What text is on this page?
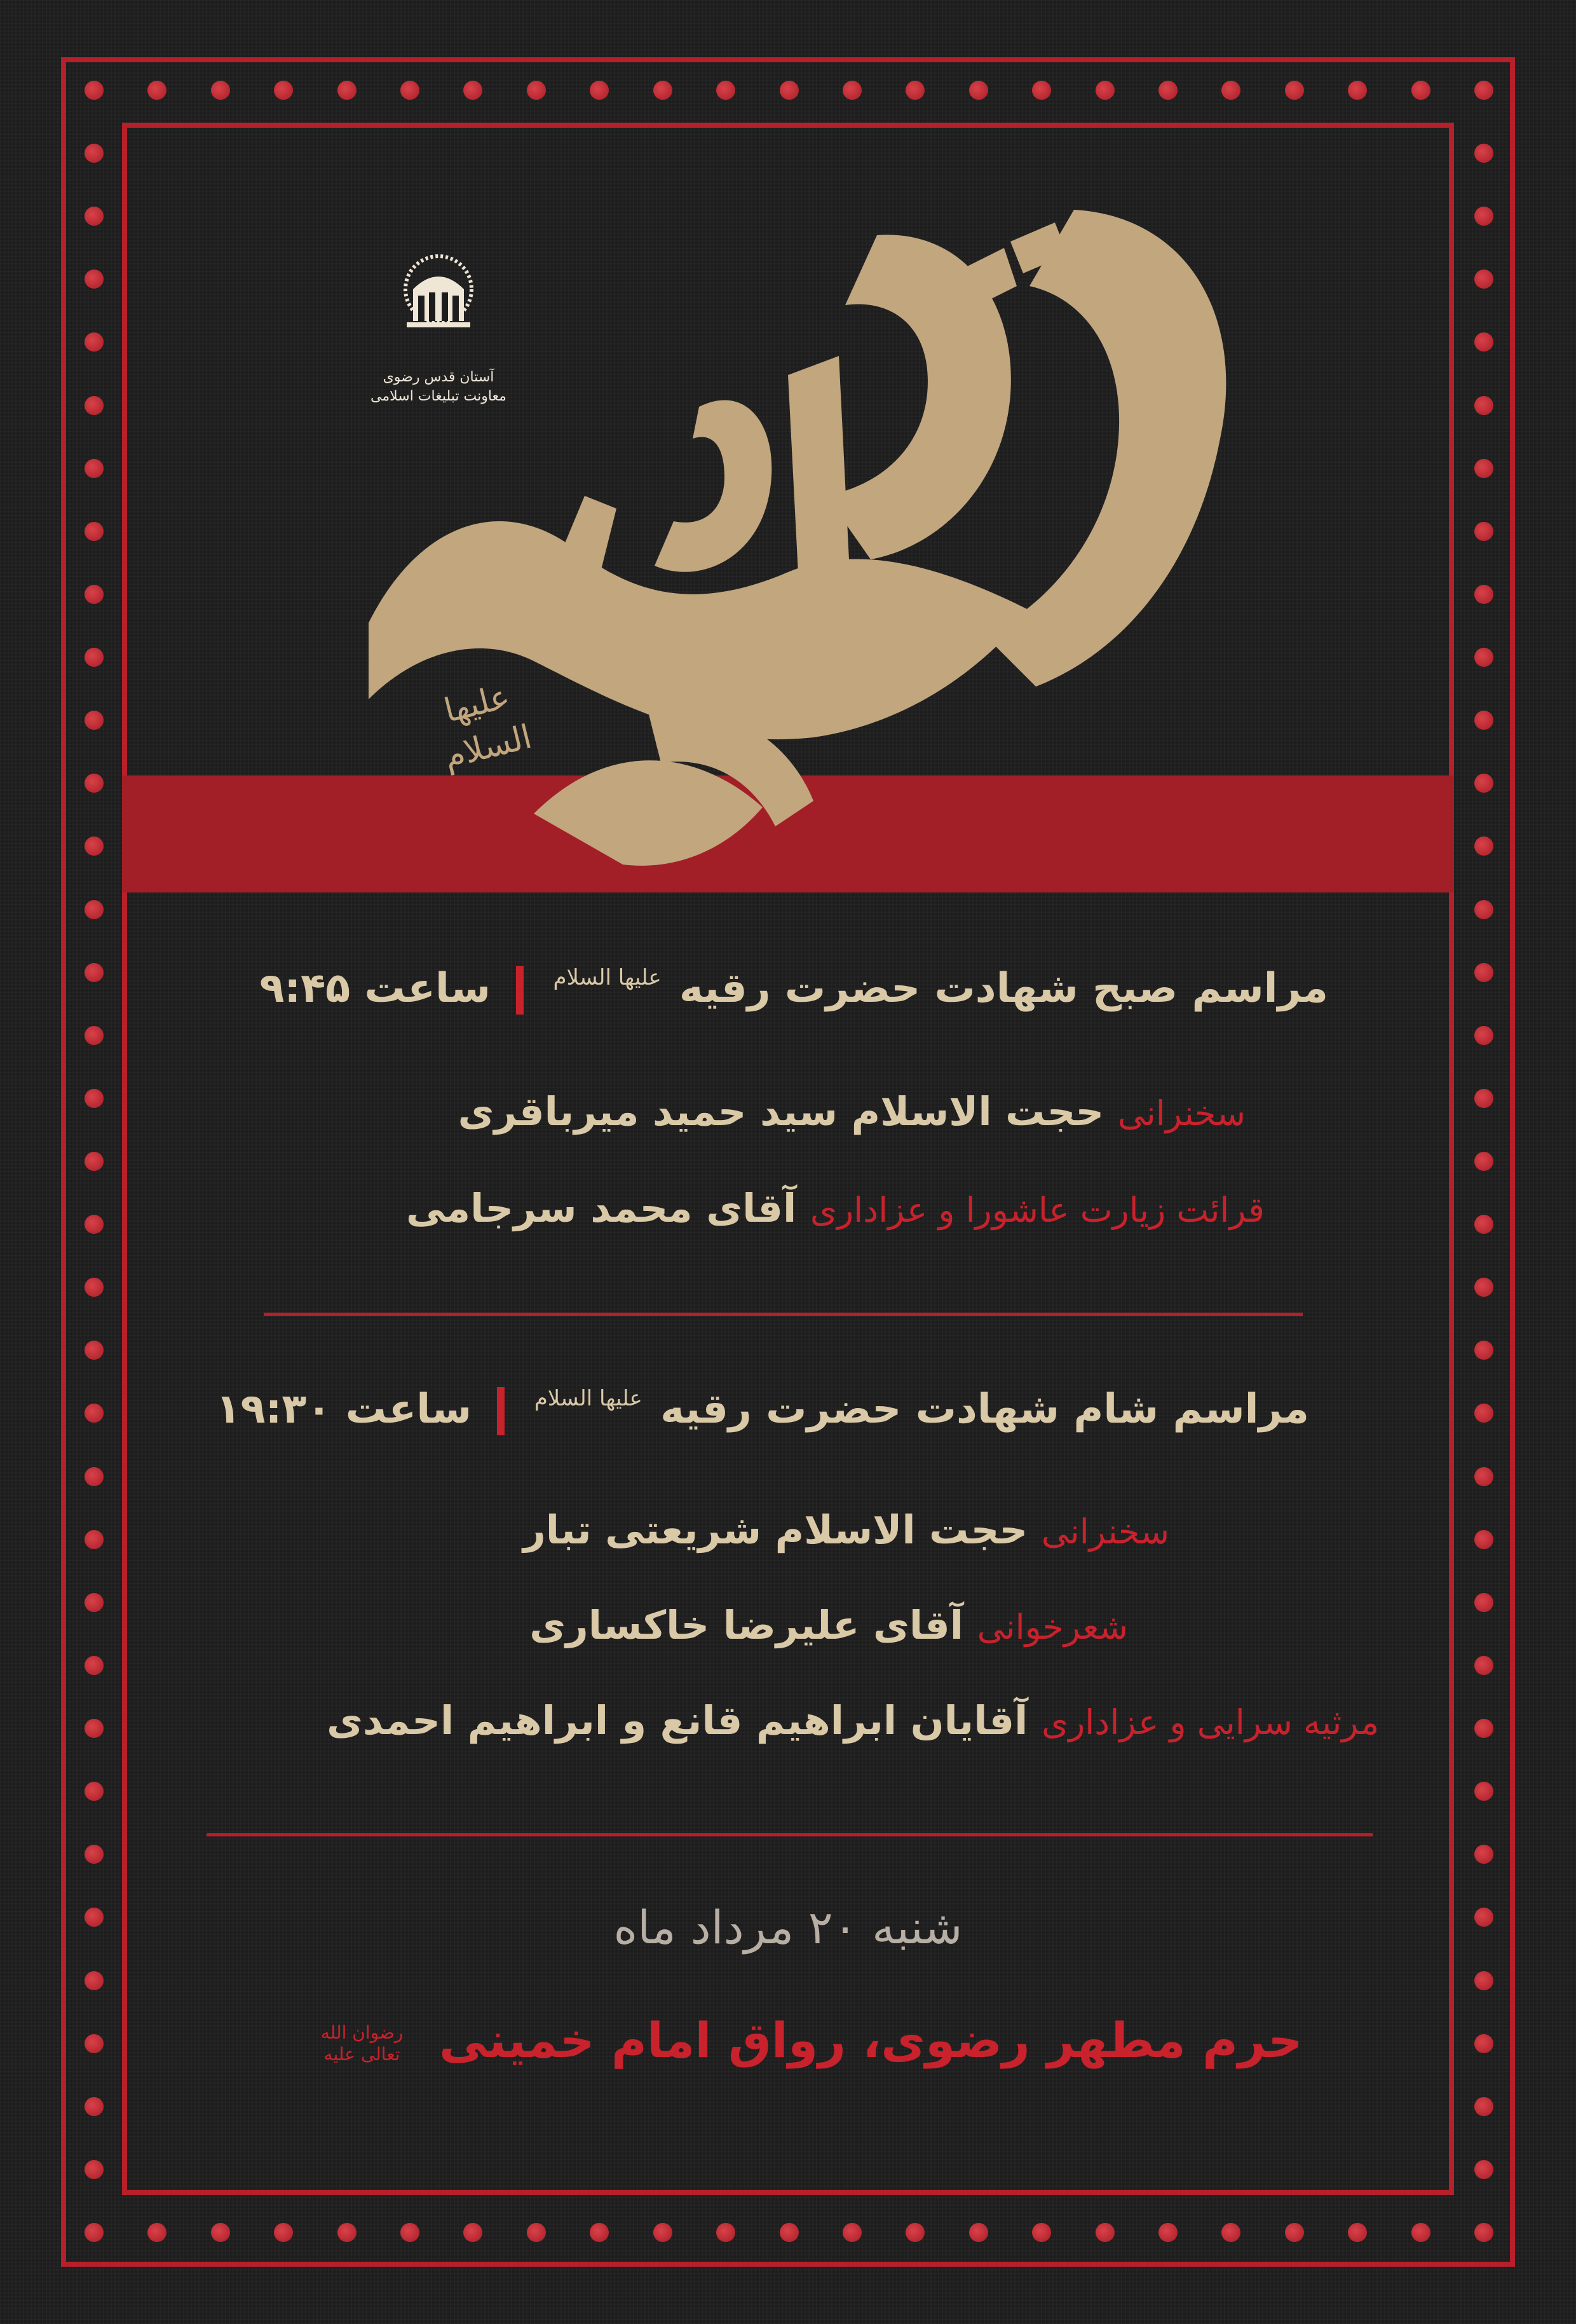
آستان قدس رضوی
معاونت تبلیغات اسلامی
علیها السلام
مراسم صبح شهادت حضرت رقیه $^{علیها السلام}$  ساعت ۹:۴۵
سخنرانی حجت الاسلام سید حمید میرباقری
قرائت زیارت عاشورا و عزاداری آقای محمد سرجامی
مراسم شام شهادت حضرت رقیه $^{علیها السلام}$  ساعت ۱۹:۳۰
سخنرانی حجت الاسلام شریعتی تبار
شعرخوانی آقای علیرضا خاکساری
مرثیه سرایی و عزاداری آقایان ابراهیم قانع و ابراهیم احمدی
شنبه ۲۰ مرداد ماه
حرم مطهر رضوی، رواق امام خمینی رضوان الله تعالی علیه
